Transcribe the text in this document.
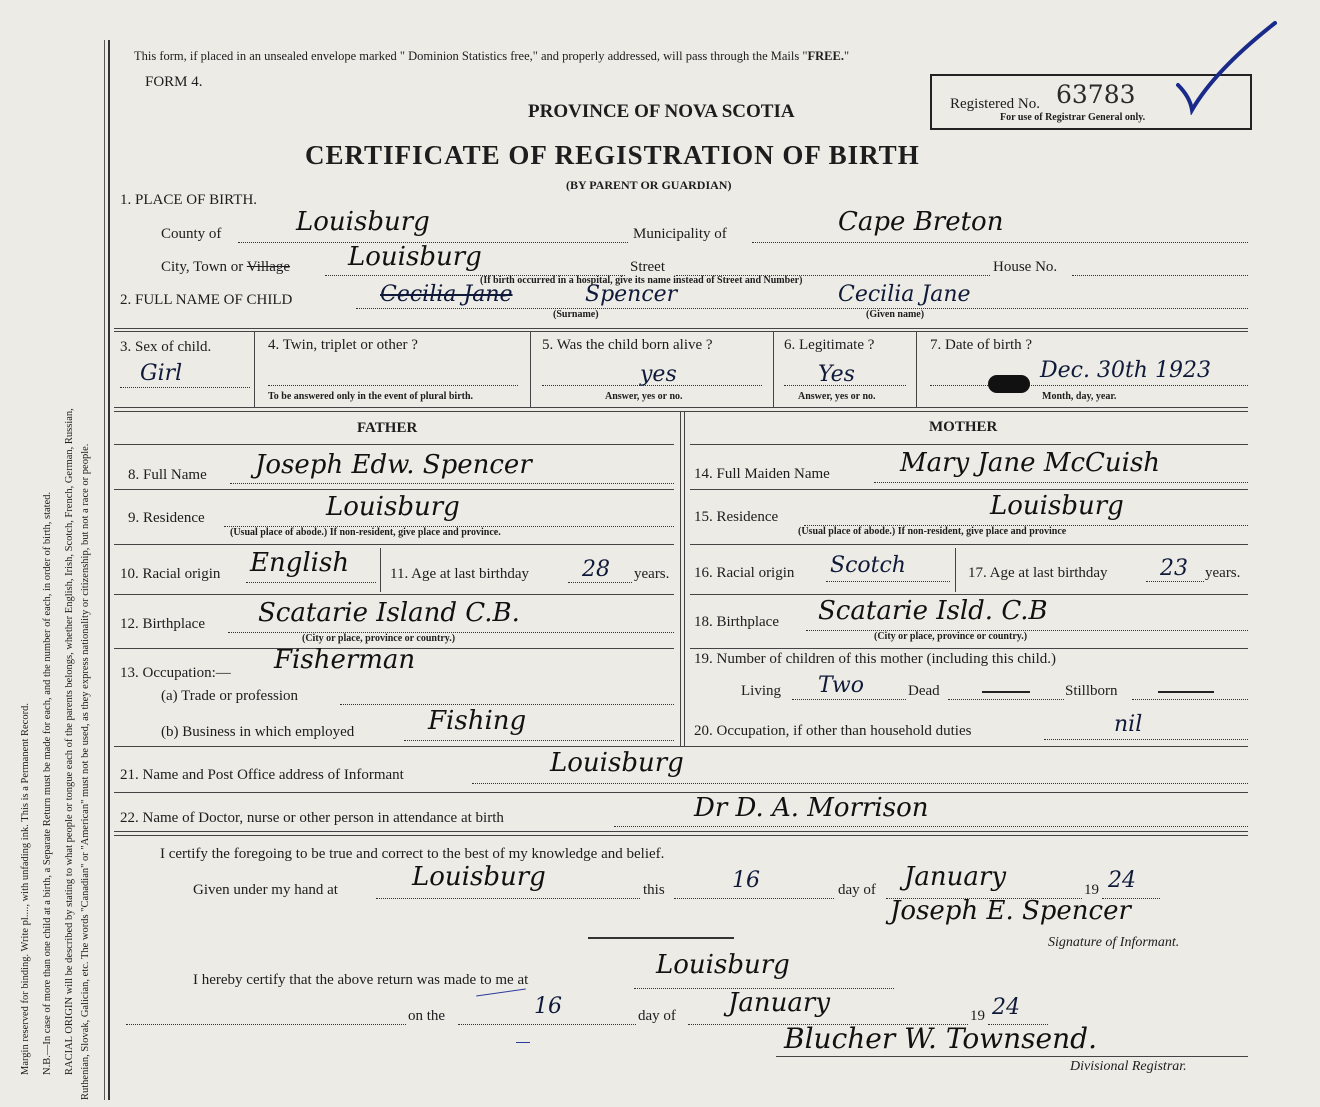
Margin reserved for binding. Write pl...., with unfading ink. This is a Permanent Record. N.B.—In case of more than one child at a birth, a Separate Return must be made for each, and the number of each, in order of birth, stated. RACIAL ORIGIN will be described by stating to what people or tongue each of the parents belongs, whether English, Irish, Scotch, French, German, Russian, Ruthenian, Slovak, Galician, etc. The words "Canadian" or "American" must not be used, as they express nationality or citizenship, but not a race or people.
This form, if placed in an unsealed envelope marked " Dominion Statistics free," and properly addressed, will pass through the Mails "FREE."
FORM 4.
PROVINCE OF NOVA SCOTIA
CERTIFICATE OF REGISTRATION OF BIRTH
(BY PARENT OR GUARDIAN)
Registered No. 63783
For use of Registrar General only.
1. PLACE OF BIRTH.
County of	Louisburg	Municipality of	Cape Breton
City, Town or Village Louisburg	Street	House No.
(If birth occurred in a hospital, give its name instead of Street and Number)
2. FULL NAME OF CHILD	Cecilia Jane	Spencer
(Surname)
Cecilia Jane
(Given name)
3. Sex of child.
Girl
4. Twin, triplet or other ?
To be answered only in the event of plural birth.
5. Was the child born alive ?
yes
Answer, yes or no.
6. Legitimate ?
Yes
Answer, yes or no.
7. Date of birth ?
Dec. 30th 1923
Month, day, year.
FATHER	MOTHER
8. Full Name Joseph Edw. Spencer
9. Residence	Louisburg
(Usual place of abode.) If non-resident, give place and province.
10. Racial origin English	11. Age at last birthday 28 years.
12. Birthplace Scatarie Island C.B.
(City or place, province or country.)
13. Occupation:— Fisherman
(a) Trade or profession
(b) Business in which employed	Fishing
14. Full Maiden Name	Mary Jane McCuish
15. Residence	Louisburg
(Usual place of abode.) If non-resident, give place and province
16. Racial origin Scotch	17. Age at last birthday 23 years.
18. Birthplace Scatarie Isld. C.B
(City or place, province or country.)
19. Number of children of this mother (including this child.)
Living Two	Dead	Stillborn
20. Occupation, if other than household duties	nil
21. Name and Post Office address of Informant	Louisburg
22. Name of Doctor, nurse or other person in attendance at birth	Dr D. A. Morrison
I certify the foregoing to be true and correct to the best of my knowledge and belief.
Given under my hand at	Louisburg	this	16	day of January	19 24
Joseph E. Spencer
Signature of Informant.
I hereby certify that the above return was made to me at	Louisburg
on the	16	day of January	19 24
Blucher W. Townsend.
Divisional Registrar.
